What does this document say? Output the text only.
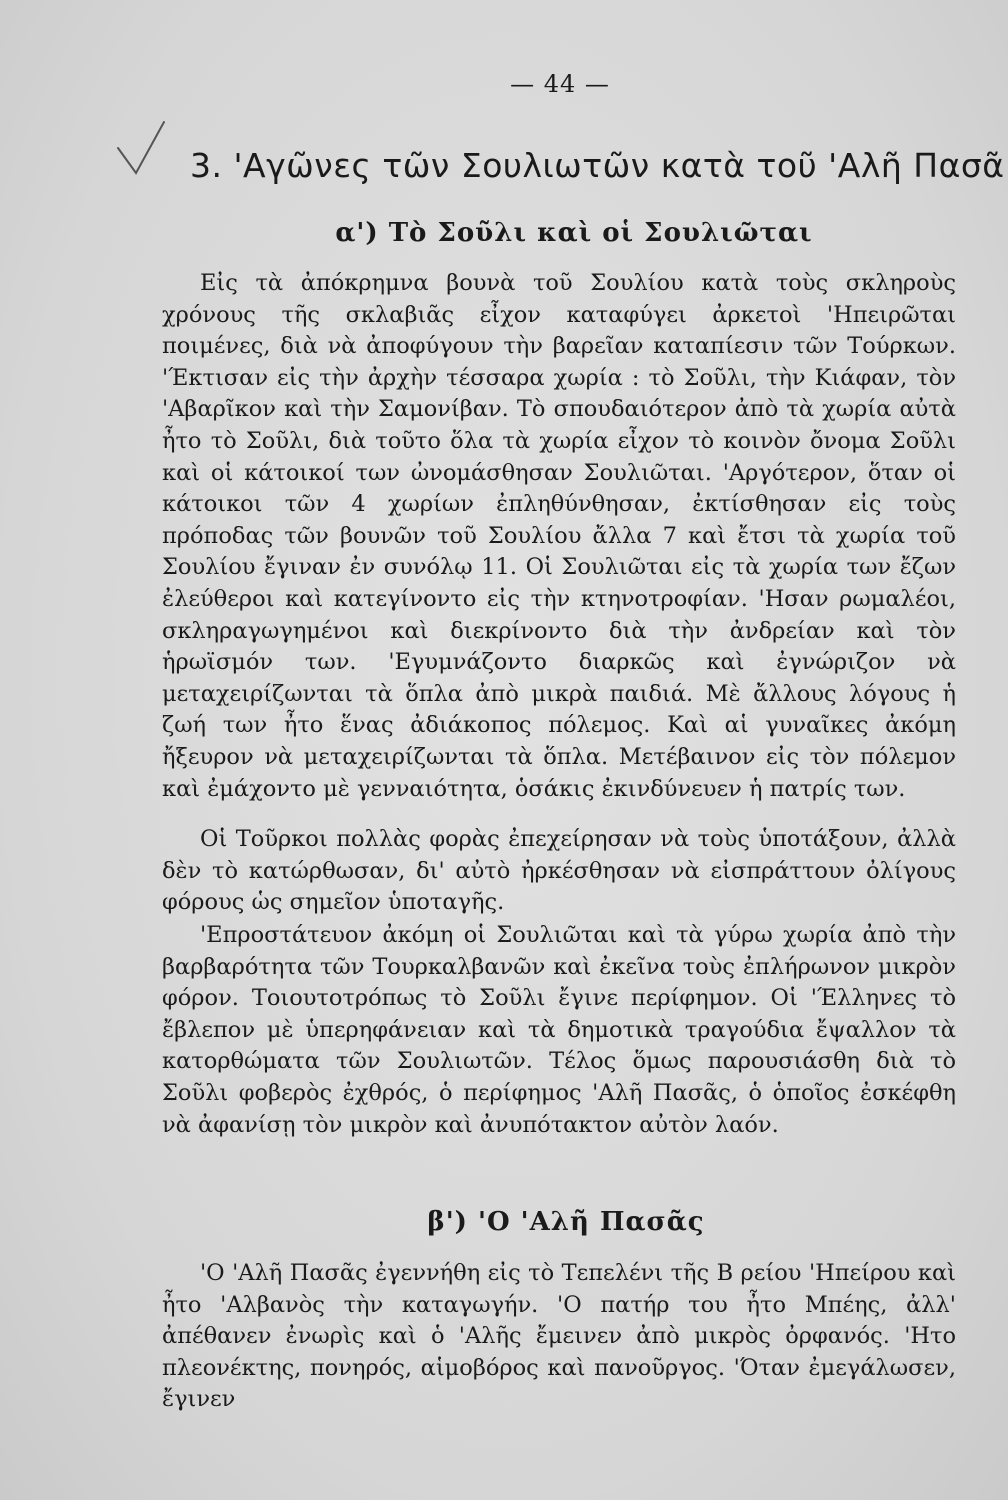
— 44 —
3. 'Αγῶνες τῶν Σουλιωτῶν κατὰ τοῦ 'Αλῆ Πασᾶ
α') Τὸ Σοῦλι καὶ οἱ Σουλιῶται

Εἰς τὰ ἀπόκρημνα βουνὰ τοῦ Σουλίου κατὰ τοὺς σκληροὺς χρόνους τῆς σκλαβιᾶς εἶχον καταφύγει ἀρκετοὶ 'Ηπειρῶται ποιμένες, διὰ νὰ ἀποφύγουν τὴν βαρεῖαν καταπίεσιν τῶν Τούρκων. 'Έκτισαν εἰς τὴν ἀρχὴν τέσσαρα χωρία : τὸ Σοῦλι, τὴν Κιάφαν, τὸν 'Αβαρῖκον καὶ τὴν Σαμονίβαν. Τὸ σπουδαιότερον ἀπὸ τὰ χωρία αὐτὰ ἦτο τὸ Σοῦλι, διὰ τοῦτο ὅλα τὰ χωρία εἶχον τὸ κοινὸν ὄνομα Σοῦλι καὶ οἱ κάτοικοί των ὠνομάσθησαν Σουλιῶται. 'Αργότερον, ὅταν οἱ κάτοικοι τῶν 4 χωρίων ἐπληθύνθησαν, ἐκτίσθησαν εἰς τοὺς πρόποδας τῶν βουνῶν τοῦ Σουλίου ἄλλα 7 καὶ ἔτσι τὰ χωρία τοῦ Σουλίου ἔγιναν ἐν συνόλῳ 11. Οἱ Σουλιῶται εἰς τὰ χωρία των ἔζων ἐλεύθεροι καὶ κατεγίνοντο εἰς τὴν κτηνοτροφίαν. 'Ησαν ρωμαλέοι, σκληραγωγημένοι καὶ διεκρίνοντο διὰ τὴν ἀνδρείαν καὶ τὸν ἡρωϊσμόν των. 'Εγυμνάζοντο διαρκῶς καὶ ἐγνώριζον νὰ μεταχειρίζωνται τὰ ὅπλα ἀπὸ μικρὰ παιδιά. Μὲ ἄλλους λόγους ἡ ζωή των ἦτο ἕνας ἀδιάκοπος πόλεμος. Καὶ αἱ γυναῖκες ἀκόμη ἤξευρον νὰ μεταχειρίζωνται τὰ ὅπλα. Μετέβαινον εἰς τὸν πόλεμον καὶ ἐμάχοντο μὲ γενναιότητα, ὁσάκις ἐκινδύνευεν ἡ πατρίς των.

Οἱ Τοῦρκοι πολλὰς φορὰς ἐπεχείρησαν νὰ τοὺς ὑποτάξουν, ἀλλὰ δὲν τὸ κατώρθωσαν, δι' αὐτὸ ἠρκέσθησαν νὰ εἰσπράττουν ὀλίγους φόρους ὡς σημεῖον ὑποταγῆς.

'Επροστάτευον ἀκόμη οἱ Σουλιῶται καὶ τὰ γύρω χωρία ἀπὸ τὴν βαρβαρότητα τῶν Τουρκαλβανῶν καὶ ἐκεῖνα τοὺς ἐπλήρωνον μικρὸν φόρον. Τοιουτοτρόπως τὸ Σοῦλι ἔγινε περίφημον. Οἱ 'Έλληνες τὸ ἔβλεπον μὲ ὑπερηφάνειαν καὶ τὰ δημοτικὰ τραγούδια ἔψαλλον τὰ κατορθώματα τῶν Σουλιωτῶν. Τέλος ὅμως παρουσιάσθη διὰ τὸ Σοῦλι φοβερὸς ἐχθρός, ὁ περίφημος 'Αλῆ Πασᾶς, ὁ ὁποῖος ἐσκέφθη νὰ ἀφανίσῃ τὸν μικρὸν καὶ ἀνυπότακτον αὐτὸν λαόν.

β') 'Ο 'Αλῆ Πασᾶς

'Ο 'Αλῆ Πασᾶς ἐγεννήθη εἰς τὸ Τεπελένι τῆς Β ρείου 'Ηπείρου καὶ ἦτο 'Αλβανὸς τὴν καταγωγήν. 'Ο πατήρ του ἦτο Μπέης, ἀλλ' ἀπέθανεν ἐνωρὶς καὶ ὁ 'Αλῆς ἔμεινεν ἀπὸ μικρὸς ὀρφανός. 'Ητο πλεονέκτης, πονηρός, αἱμοβόρος καὶ πανοῦργος. 'Όταν ἐμεγάλωσεν, ἔγινεν
